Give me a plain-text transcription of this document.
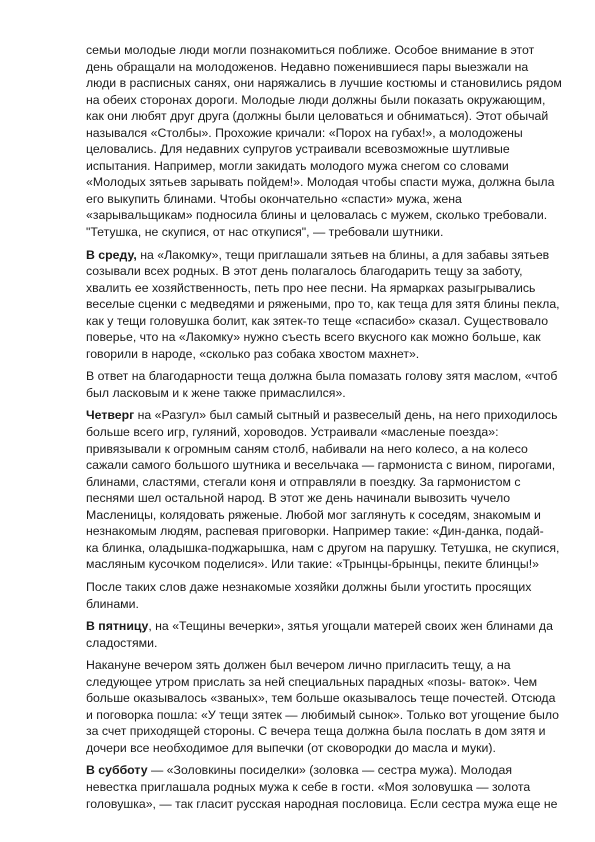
семьи молодые люди могли познакомиться поближе. Особое внимание в этот
день обращали на молодоженов. Недавно поженившиеся пары выезжали на
люди в расписных санях, они наряжались в лучшие костюмы и становились рядом
на обеих сторонах дороги. Молодые люди должны были показать окружающим,
как они любят друг друга (должны были целоваться и обниматься). Этот обычай
назывался «Столбы». Прохожие кричали: «Порох на губах!», а молодожены
целовались. Для недавних супругов устраивали всевозможные шутливые
испытания. Например, могли закидать молодого мужа снегом со словами
«Молодых зятьев зарывать пойдем!». Молодая чтобы спасти мужа, должна была
его выкупить блинами. Чтобы окончательно «спасти» мужа, жена
«зарывальщикам» подносила блины и целовалась с мужем, сколько требовали.
"Тетушка, не скупися, от нас откупися", — требовали шутники.

В среду, на «Лакомку», тещи приглашали зятьев на блины, а для забавы зятьев
созывали всех родных. В этот день полагалось благодарить тещу за заботу,
хвалить ее хозяйственность, петь про нее песни. На ярмарках разыгрывались
веселые сценки с медведями и ряжеными, про то, как теща для зятя блины пекла,
как у тещи головушка болит, как зятек-то теще «спасибо» сказал. Существовало
поверье, что на «Лакомку» нужно съесть всего вкусного как можно больше, как
говорили в народе, «сколько раз собака хвостом махнет».

В ответ на благодарности теща должна была помазать голову зятя маслом, «чтоб
был ласковым и к жене также примаслился».

Четверг на «Разгул» был самый сытный и развеселый день, на него приходилось
больше всего игр, гуляний, хороводов. Устраивали «масленые поезда»:
привязывали к огромным саням столб, набивали на него колесо, а на колесо
сажали самого большого шутника и весельчака — гармониста с вином, пирогами,
блинами, сластями, стегали коня и отправляли в поездку. За гармонистом с
песнями шел остальной народ. В этот же день начинали вывозить чучело
Масленицы, колядовать ряженые. Любой мог заглянуть к соседям, знакомым и
незнакомым людям, распевая приговорки. Например такие: «Дин-данка, подай-
ка блинка, оладышка-поджарышка, нам с другом на парушку. Тетушка, не скупися,
масляным кусочком поделися». Или такие: «Трынцы-брынцы, пеките блинцы!»

После таких слов даже незнакомые хозяйки должны были угостить просящих
блинами.

В пятницу, на «Тещины вечерки», зятья угощали матерей своих жен блинами да
сладостями.

Накануне вечером зять должен был вечером лично пригласить тещу, а на
следующее утром прислать за ней специальных парадных «позы- ваток». Чем
больше оказывалось «званых», тем больше оказывалось теще почестей. Отсюда
и поговорка пошла: «У тещи зятек — любимый сынок». Только вот угощение было
за счет приходящей стороны. С вечера теща должна была послать в дом зятя и
дочери все необходимое для выпечки (от сковородки до масла и муки).

В субботу — «Золовкины посиделки» (золовка — сестра мужа). Молодая
невестка приглашала родных мужа к себе в гости. «Моя золовушка — золота
головушка», — так гласит русская народная пословица. Если сестра мужа еще не
